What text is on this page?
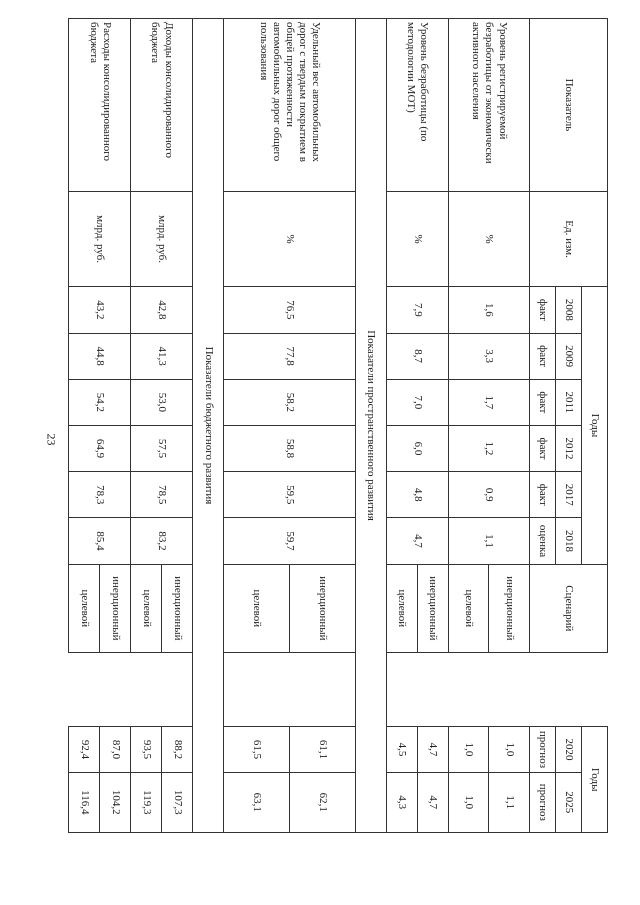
23
Показатель	Ед. изм.	Годы						Сценарий		Годы	
		2008	2009	2011	2012	2017	2018			2020	2025
		факт	факт	факт	факт	факт	оценка			прогноз	прогноз
Уровень регистрируемой безработицы от экономически активного населения	%	1,6	3,3	1,7	1,2	0,9	1,1	инерционный		1,0	1,1
								целевой		1,0	1,0
Уровень безработицы (по методологии МОТ)	%	7,9	8,7	7,0	6,0	4,8	4,7	инерционный		4,7	4,7
								целевой		4,5	4,3
Показатели пространственного развития											
Удельный вес автомобильных дорог с твердым покрытием в общей протяженности автомобильных дорог общего пользования	%	76,5	77,8	58,2	58,8	59,5	59,7	инерционный		61,1	62,1
								целевой		61,5	63,1
Показатели бюджетного развития											
Доходы консолидированного бюджета	млрд. руб.	42,8	41,3	53,0	57,5	78,5	83,2	инерционный		88,2	107,3
								целевой		93,5	119,3
Расходы консолидированного бюджета	млрд. руб.	43,2	44,8	54,2	64,9	78,3	85,4	инерционный		87,0	104,2
								целевой		92,4	116,4
